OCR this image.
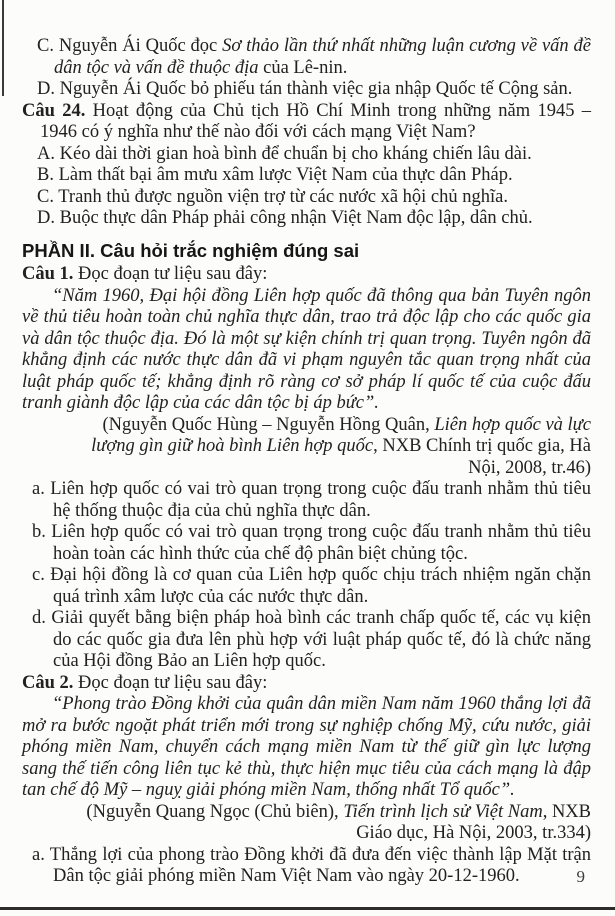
C. Nguyễn Ái Quốc đọc Sơ thảo lần thứ nhất những luận cương về vấn đề dân tộc và vấn đề thuộc địa của Lê-nin.

D. Nguyễn Ái Quốc bỏ phiếu tán thành việc gia nhập Quốc tế Cộng sản.

Câu 24. Hoạt động của Chủ tịch Hồ Chí Minh trong những năm 1945 – 1946 có ý nghĩa như thế nào đối với cách mạng Việt Nam?

A. Kéo dài thời gian hoà bình để chuẩn bị cho kháng chiến lâu dài.

B. Làm thất bại âm mưu xâm lược Việt Nam của thực dân Pháp.

C. Tranh thủ được nguồn viện trợ từ các nước xã hội chủ nghĩa.

D. Buộc thực dân Pháp phải công nhận Việt Nam độc lập, dân chủ.

PHẦN II. Câu hỏi trắc nghiệm đúng sai

Câu 1. Đọc đoạn tư liệu sau đây:

“Năm 1960, Đại hội đồng Liên hợp quốc đã thông qua bản Tuyên ngôn về thủ tiêu hoàn toàn chủ nghĩa thực dân, trao trả độc lập cho các quốc gia và dân tộc thuộc địa. Đó là một sự kiện chính trị quan trọng. Tuyên ngôn đã khẳng định các nước thực dân đã vi phạm nguyên tắc quan trọng nhất của luật pháp quốc tế; khẳng định rõ ràng cơ sở pháp lí quốc tế của cuộc đấu tranh giành độc lập của các dân tộc bị áp bức”.

(Nguyễn Quốc Hùng – Nguyễn Hồng Quân, Liên hợp quốc và lực lượng gìn giữ hoà bình Liên hợp quốc, NXB Chính trị quốc gia, Hà Nội, 2008, tr.46)

a. Liên hợp quốc có vai trò quan trọng trong cuộc đấu tranh nhằm thủ tiêu hệ thống thuộc địa của chủ nghĩa thực dân.

b. Liên hợp quốc có vai trò quan trọng trong cuộc đấu tranh nhằm thủ tiêu hoàn toàn các hình thức của chế độ phân biệt chủng tộc.

c. Đại hội đồng là cơ quan của Liên hợp quốc chịu trách nhiệm ngăn chặn quá trình xâm lược của các nước thực dân.

d. Giải quyết bằng biện pháp hoà bình các tranh chấp quốc tế, các vụ kiện do các quốc gia đưa lên phù hợp với luật pháp quốc tế, đó là chức năng của Hội đồng Bảo an Liên hợp quốc.

Câu 2. Đọc đoạn tư liệu sau đây:

“Phong trào Đồng khởi của quân dân miền Nam năm 1960 thắng lợi đã mở ra bước ngoặt phát triển mới trong sự nghiệp chống Mỹ, cứu nước, giải phóng miền Nam, chuyển cách mạng miền Nam từ thế giữ gìn lực lượng sang thế tiến công liên tục kẻ thù, thực hiện mục tiêu của cách mạng là đập tan chế độ Mỹ – nguỵ giải phóng miền Nam, thống nhất Tổ quốc”.

(Nguyễn Quang Ngọc (Chủ biên), Tiến trình lịch sử Việt Nam, NXB Giáo dục, Hà Nội, 2003, tr.334)

a. Thắng lợi của phong trào Đồng khởi đã đưa đến việc thành lập Mặt trận Dân tộc giải phóng miền Nam Việt Nam vào ngày 20-12-1960.	9
